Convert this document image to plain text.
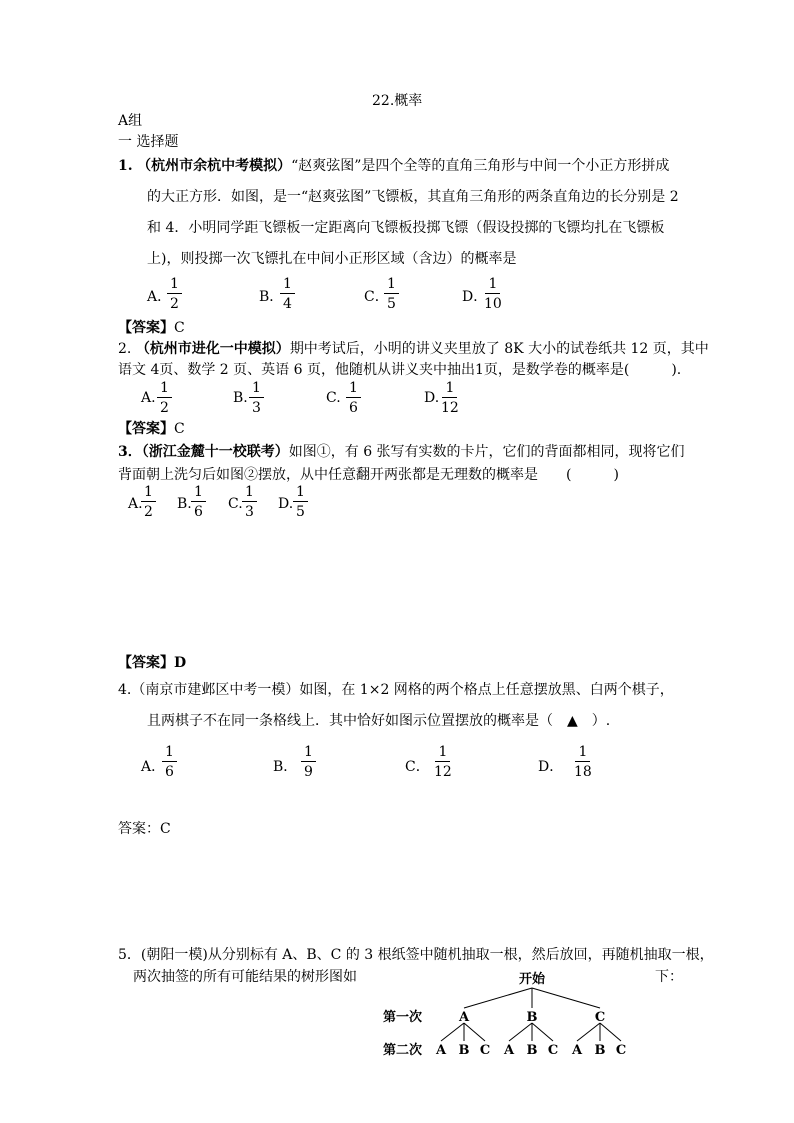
22.概率
A组
一 选择题
1. （杭州市余杭中考模拟）“赵爽弦图”是四个全等的直角三角形与中间一个小正方形拼成
的大正方形．如图，是一“赵爽弦图”飞镖板，其直角三角形的两条直角边的长分别是 2
和 4．小明同学距飞镖板一定距离向飞镖板投掷飞镖（假设投掷的飞镖均扎在飞镖板
上)，则投掷一次飞镖扎在中间小正形区域（含边）的概率是
A．
$\frac{1}{2}$	B．
$\frac{1}{4}$	C．
$\frac{1}{5}$	D．
$\frac{1}{10}$
【答案】C
2. （杭州市进化一中模拟）期中考试后，小明的讲义夹里放了 8K 大小的试卷纸共 12 页，其中
语文 4页、数学 2 页、英语 6 页，他随机从讲义夹中抽出1页，是数学卷的概率是(　　　).
A. $\frac{1}{2}$	B. $\frac{1}{3}$	C. $\frac{1}{6}$	D. $\frac{1}{12}$
【答案】C
3．（浙江金麓十一校联考）如图①，有 6 张写有实数的卡片，它们的背面都相同，现将它们
背面朝上洗匀后如图②摆放，从中任意翻开两张都是无理数的概率是　　(　　　)
A.
$\frac{1}{2} B$. $\frac{1}{6} C$. $\frac{1}{3} D$. $\frac{1}{5}$
【答案】D
4.（南京市建邺区中考一模）如图，在 1×2 网格的两个格点上任意摆放黑、白两个棋子，
且两棋子不在同一条格线上．其中恰好如图示位置摆放的概率是（　▲　）.
A．
$\frac{1}{6}$	B． $\frac{1}{9}$	C． $\frac{1}{12}$	D． $\frac{1}{18}$
答案：C
5．(朝阳一模)从分别标有 A、B、C 的 3 根纸签中随机抽取一根，然后放回，再随机抽取一根，
两次抽签的所有可能结果的树形图如	下：
开始
第一次
第二次
A	B	C
A B C A B C A B C
